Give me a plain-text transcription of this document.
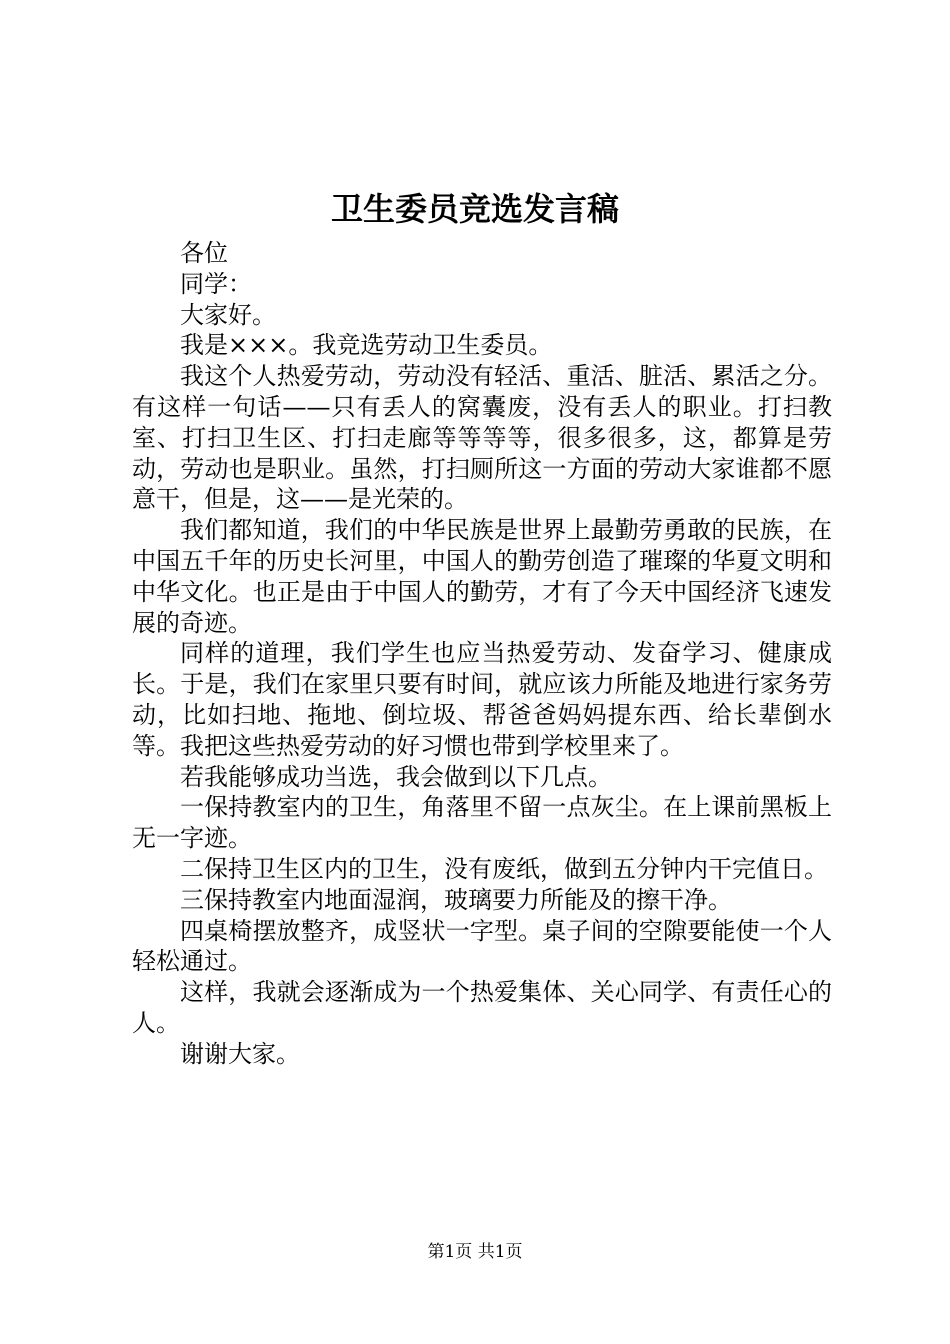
卫生委员竞选发言稿

各位

同学：

大家好。

我是×××。我竞选劳动卫生委员。

我这个人热爱劳动，劳动没有轻活、重活、脏活、累活之分。有这样一句话——只有丢人的窝囊废，没有丢人的职业。打扫教室、打扫卫生区、打扫走廊等等等等，很多很多，这，都算是劳动，劳动也是职业。虽然，打扫厕所这一方面的劳动大家谁都不愿意干，但是，这——是光荣的。

我们都知道，我们的中华民族是世界上最勤劳勇敢的民族，在中国五千年的历史长河里，中国人的勤劳创造了璀璨的华夏文明和中华文化。也正是由于中国人的勤劳，才有了今天中国经济飞速发展的奇迹。

同样的道理，我们学生也应当热爱劳动、发奋学习、健康成长。于是，我们在家里只要有时间，就应该力所能及地进行家务劳动，比如扫地、拖地、倒垃圾、帮爸爸妈妈提东西、给长辈倒水等。我把这些热爱劳动的好习惯也带到学校里来了。

若我能够成功当选，我会做到以下几点。

一保持教室内的卫生，角落里不留一点灰尘。在上课前黑板上无一字迹。

二保持卫生区内的卫生，没有废纸，做到五分钟内干完值日。

三保持教室内地面湿润，玻璃要力所能及的擦干净。

四桌椅摆放整齐，成竖状一字型。桌子间的空隙要能使一个人轻松通过。

这样，我就会逐渐成为一个热爱集体、关心同学、有责任心的人。

谢谢大家。

第1页 共1页
